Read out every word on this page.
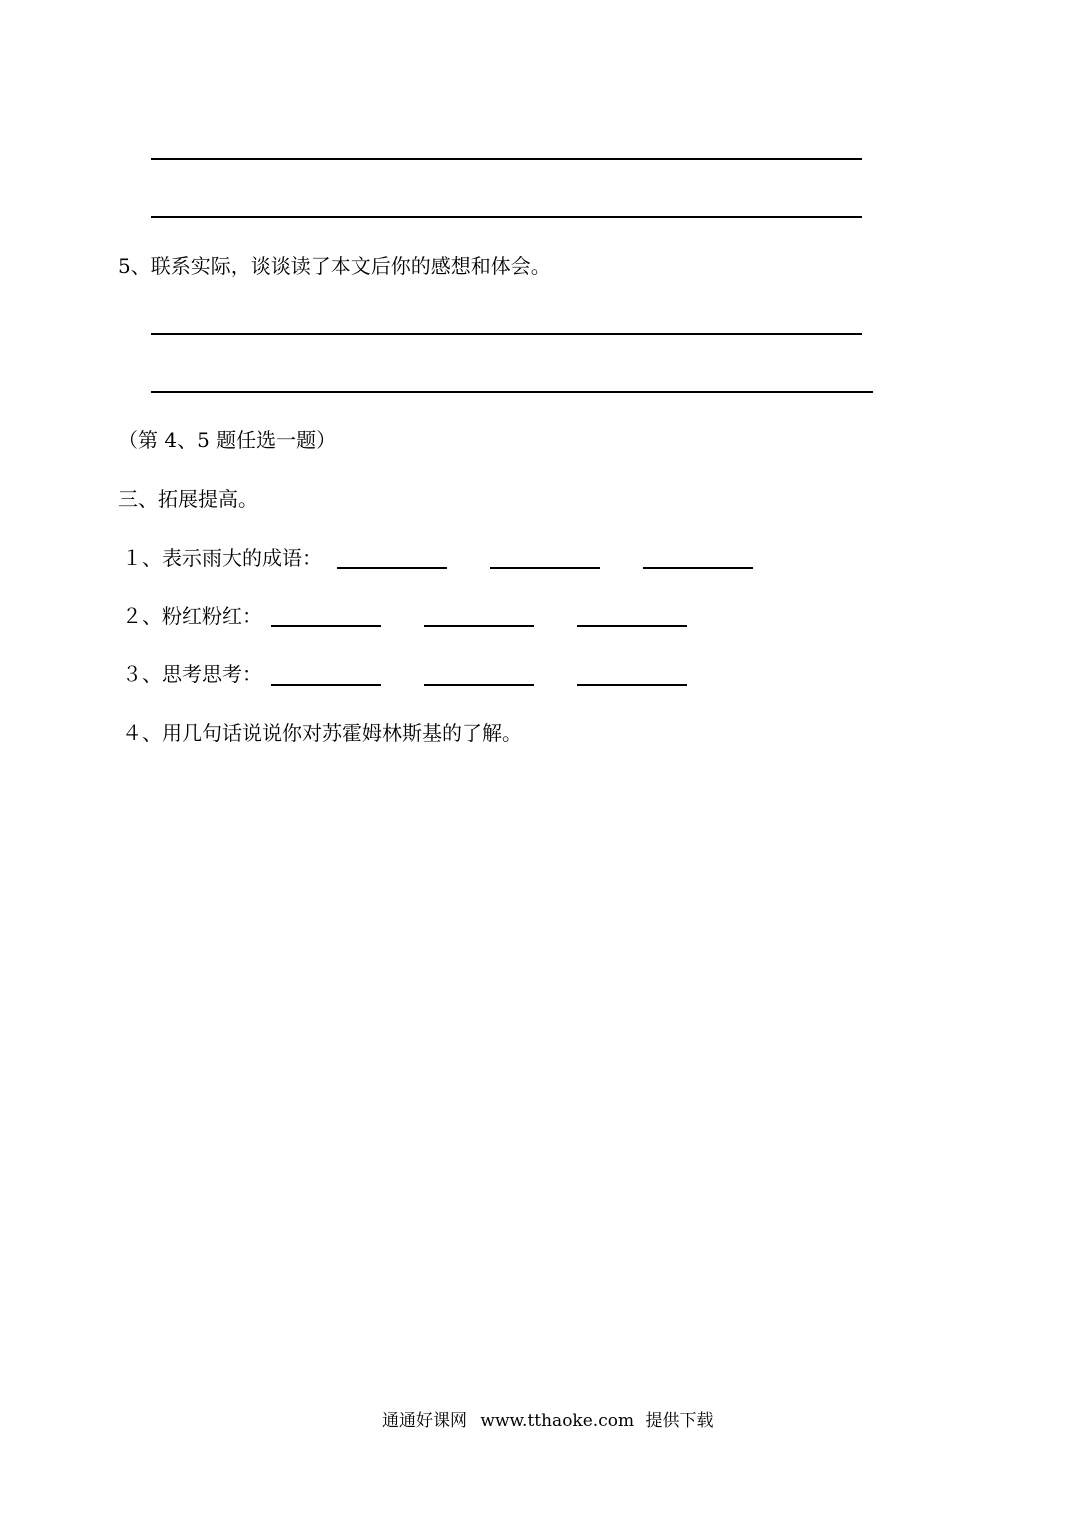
5、联系实际，谈谈读了本文后你的感想和体会。
（第 4、5 题任选一题）
三、拓展提高。
１、表示雨大的成语：
２、粉红粉红：
３、思考思考：
４、用几句话说说你对苏霍姆林斯基的了解。
通通好课网 www.tthaoke.com 提供下载
